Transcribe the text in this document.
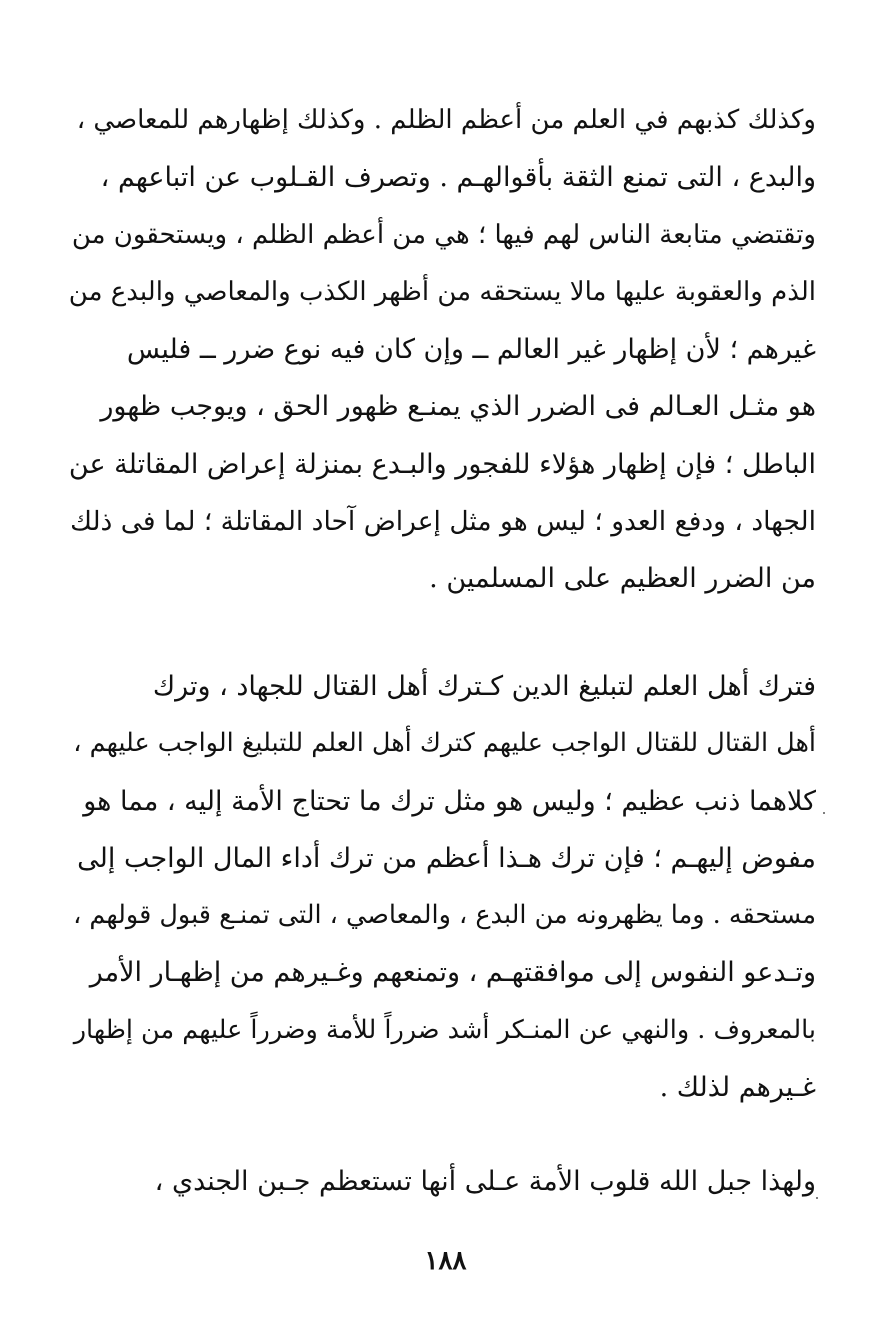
وكذلك كذبهم في العلم من أعظم الظلم . وكذلك إظهارهم للمعاصي ،
والبدع ، التى تمنع الثقة بأقوالهـم . وتصرف القـلوب عن اتباعهم ،
وتقتضي متابعة الناس لهم فيها ؛ هي من أعظم الظلم ، ويستحقون من
الذم والعقوبة عليها مالا يستحقه من أظهر الكذب والمعاصي والبدع من
غيرهم ؛ لأن إظهار غير العالم ــ وإن كان فيه نوع ضرر ــ فليس
هو مثـل العـالم فى الضرر الذي يمنـع ظهور الحق ، ويوجب ظهور
الباطل ؛ فإن إظهار هؤلاء للفجور والبـدع بمنزلة إعراض المقاتلة عن
الجهاد ، ودفع العدو ؛ ليس هو مثل إعراض آحاد المقاتلة ؛ لما فى ذلك
من الضرر العظيم على المسلمين .
فترك أهل العلم لتبليغ الدين كـترك أهل القتال للجهاد ، وترك
أهل القتال للقتال الواجب عليهم كترك أهل العلم للتبليغ الواجب عليهم ،
كلاهما ذنب عظيم ؛ وليس هو مثل ترك ما تحتاج الأمة إليه ، مما هو
مفوض إليهـم ؛ فإن ترك هـذا أعظم من ترك أداء المال الواجب إلى
مستحقه . وما يظهرونه من البدع ، والمعاصي ، التى تمنـع قبول قولهم ،
وتـدعو النفوس إلى موافقتهـم ، وتمنعهم وغـيرهم من إظهـار الأمر
بالمعروف . والنهي عن المنـكر أشد ضرراً للأمة وضرراً عليهم من إظهار
غـيرهم لذلك .
ولهذا جبل الله قلوب الأمة عـلى أنها تستعظم جـبن الجندي ،
١٨٨
